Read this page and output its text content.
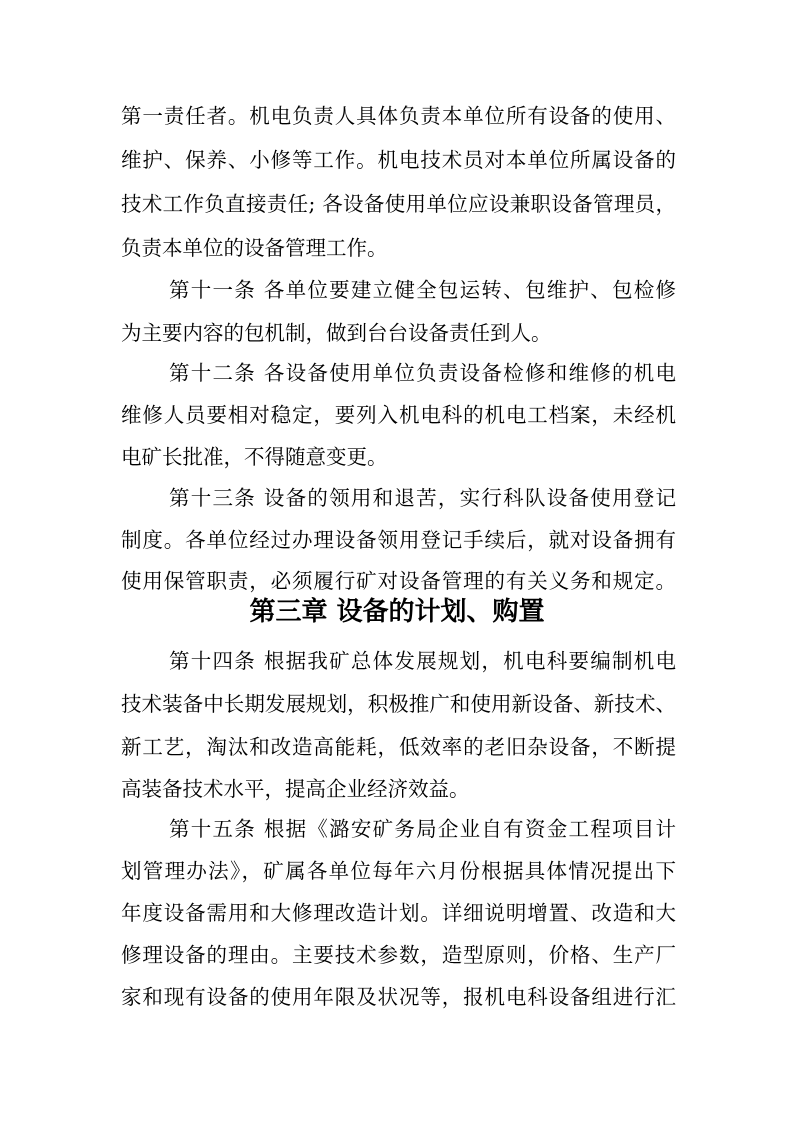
第一责任者。机电负责人具体负责本单位所有设备的使用、
维护、保养、小修等工作。机电技术员对本单位所属设备的
技术工作负直接责任; 各设备使用单位应设兼职设备管理员，
负责本单位的设备管理工作。
第十一条 各单位要建立健全包运转、包维护、包检修
为主要内容的包机制，做到台台设备责任到人。
第十二条 各设备使用单位负责设备检修和维修的机电
维修人员要相对稳定，要列入机电科的机电工档案，未经机
电矿长批准，不得随意变更。
第十三条 设备的领用和退苦，实行科队设备使用登记
制度。各单位经过办理设备领用登记手续后，就对设备拥有
使用保管职责，必须履行矿对设备管理的有关义务和规定。
第三章 设备的计划、购置
第十四条 根据我矿总体发展规划，机电科要编制机电
技术装备中长期发展规划，积极推广和使用新设备、新技术、
新工艺，淘汰和改造高能耗，低效率的老旧杂设备，不断提
高装备技术水平，提高企业经济效益。
第十五条 根据《潞安矿务局企业自有资金工程项目计
划管理办法》，矿属各单位每年六月份根据具体情况提出下
年度设备需用和大修理改造计划。详细说明增置、改造和大
修理设备的理由。主要技术参数，造型原则，价格、生产厂
家和现有设备的使用年限及状况等，报机电科设备组进行汇
